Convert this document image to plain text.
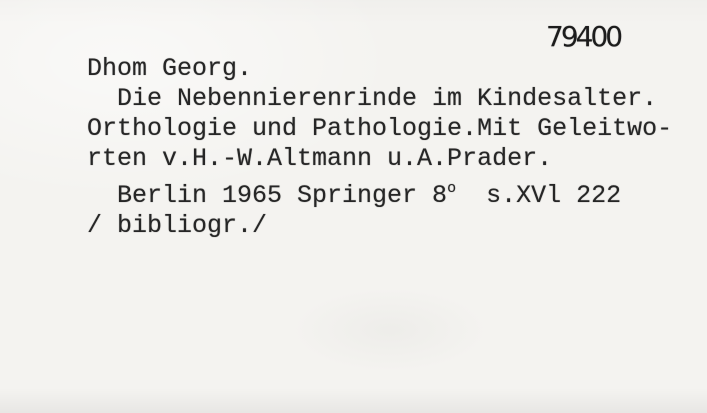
79400
Dhom Georg.
Die Nebennierenrinde im Kindesalter.
Orthologie und Pathologie.Mit Geleitwo-
rten v.H.-W.Altmann u.A.Prader.
Berlin 1965 Springer 8o  s.XVl 222
/ bibliogr./
